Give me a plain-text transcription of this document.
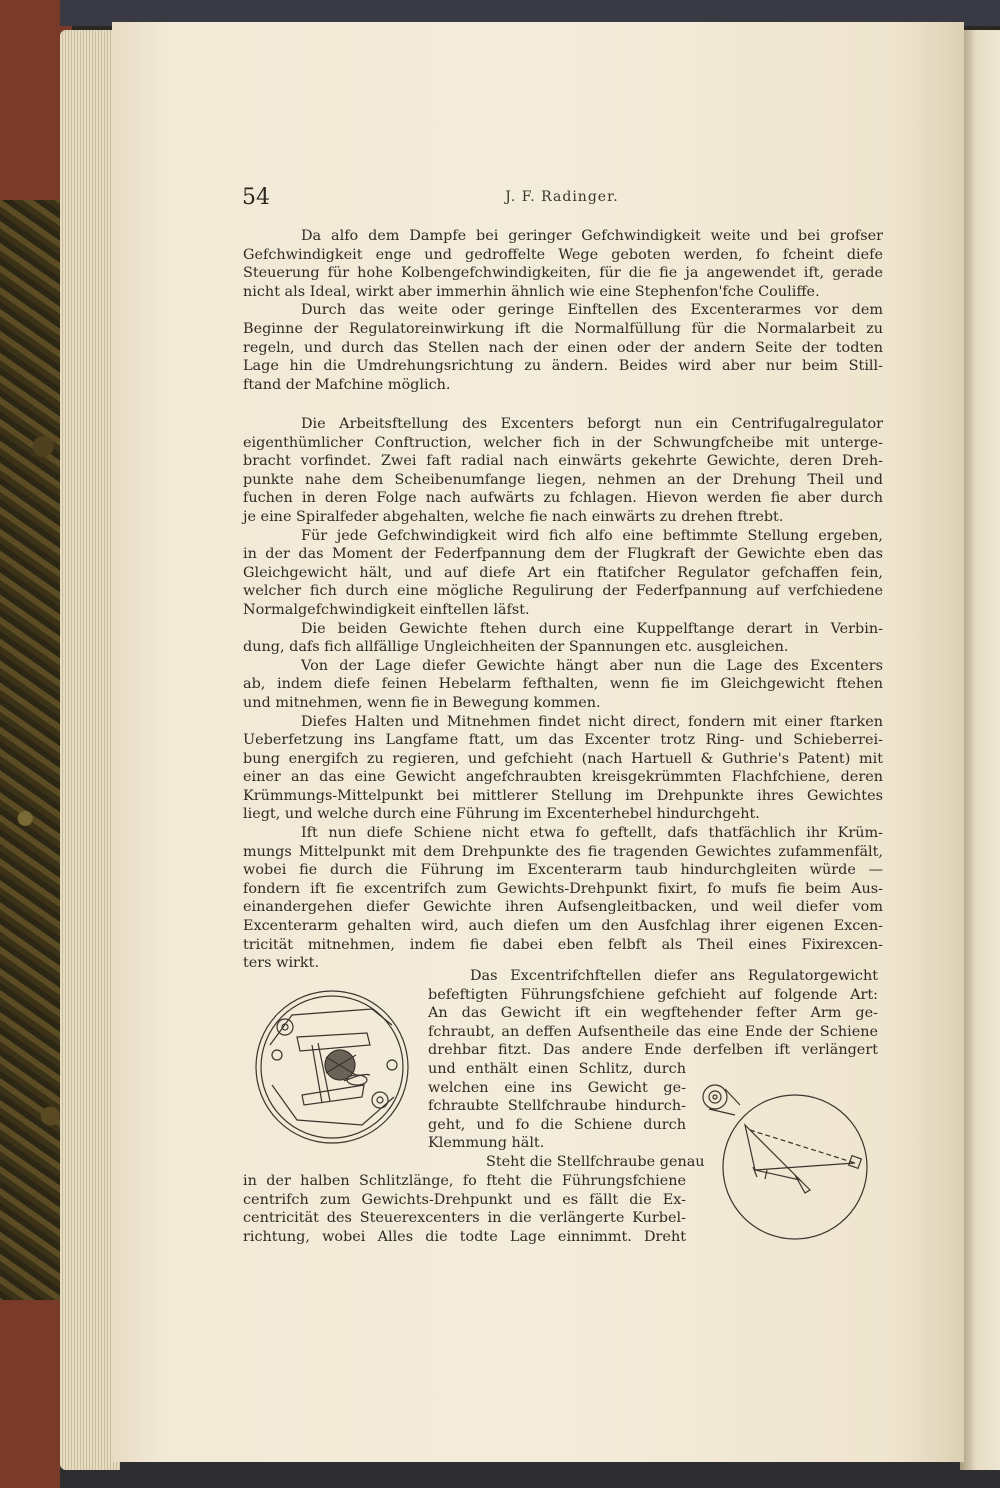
54	J. F. Radinger.
Da alfo dem Dampfe bei geringer Gefchwindigkeit weite und bei grofser
Gefchwindigkeit enge und gedroffelte Wege geboten werden, fo fcheint diefe
Steuerung für hohe Kolbengefchwindigkeiten, für die fie ja angewendet ift, gerade
nicht als Ideal, wirkt aber immerhin ähnlich wie eine Stephenfon'fche Couliffe.
Durch das weite oder geringe Einftellen des Excenterarmes vor dem
Beginne der Regulatoreinwirkung ift die Normalfüllung für die Normalarbeit zu
regeln, und durch das Stellen nach der einen oder der andern Seite der todten
Lage hin die Umdrehungsrichtung zu ändern. Beides wird aber nur beim Still-
ftand der Mafchine möglich.
Die Arbeitsftellung des Excenters beforgt nun ein Centrifugalregulator
eigenthümlicher Conftruction, welcher fich in der Schwungfcheibe mit unterge-
bracht vorfindet. Zwei faft radial nach einwärts gekehrte Gewichte, deren Dreh-
punkte nahe dem Scheibenumfange liegen, nehmen an der Drehung Theil und
fuchen in deren Folge nach aufwärts zu fchlagen. Hievon werden fie aber durch
je eine Spiralfeder abgehalten, welche fie nach einwärts zu drehen ftrebt.
Für jede Gefchwindigkeit wird fich alfo eine beftimmte Stellung ergeben,
in der das Moment der Federfpannung dem der Flugkraft der Gewichte eben das
Gleichgewicht hält, und auf diefe Art ein ftatifcher Regulator gefchaffen fein,
welcher fich durch eine mögliche Regulirung der Federfpannung auf verfchiedene
Normalgefchwindigkeit einftellen läfst.
Die beiden Gewichte ftehen durch eine Kuppelftange derart in Verbin-
dung, dafs fich allfällige Ungleichheiten der Spannungen etc. ausgleichen.
Von der Lage diefer Gewichte hängt aber nun die Lage des Excenters
ab, indem diefe feinen Hebelarm fefthalten, wenn fie im Gleichgewicht ftehen
und mitnehmen, wenn fie in Bewegung kommen.
Diefes Halten und Mitnehmen findet nicht direct, fondern mit einer ftarken
Ueberfetzung ins Langfame ftatt, um das Excenter trotz Ring- und Schieberrei-
bung energifch zu regieren, und gefchieht (nach Hartuell & Guthrie's Patent) mit
einer an das eine Gewicht angefchraubten kreisgekrümmten Flachfchiene, deren
Krümmungs-Mittelpunkt bei mittlerer Stellung im Drehpunkte ihres Gewichtes
liegt, und welche durch eine Führung im Excenterhebel hindurchgeht.
Ift nun diefe Schiene nicht etwa fo geftellt, dafs thatfächlich ihr Krüm-
mungs Mittelpunkt mit dem Drehpunkte des fie tragenden Gewichtes zufammenfält,
wobei fie durch die Führung im Excenterarm taub hindurchgleiten würde —
fondern ift fie excentrifch zum Gewichts-Drehpunkt fixirt, fo mufs fie beim Aus-
einandergehen diefer Gewichte ihren Aufsengleitbacken, und weil diefer vom
Excenterarm gehalten wird, auch diefen um den Ausfchlag ihrer eigenen Excen-
tricität mitnehmen, indem fie dabei eben felbft als Theil eines Fixirexcen-
ters wirkt.
Das Excentrifchftellen diefer ans Regulatorgewicht
befeftigten Führungsfchiene gefchieht auf folgende Art:
An das Gewicht ift ein wegftehender fefter Arm ge-
fchraubt, an deffen Aufsentheile das eine Ende der Schiene
drehbar fitzt. Das andere Ende derfelben ift verlängert
und enthält einen Schlitz, durch
welchen eine ins Gewicht ge-
fchraubte Stellfchraube hindurch-
geht, und fo die Schiene durch
Klemmung hält.
Steht die Stellfchraube genau
in der halben Schlitzlänge, fo fteht die Führungsfchiene
centrifch zum Gewichts-Drehpunkt und es fällt die Ex-
centricität des Steuerexcenters in die verlängerte Kurbel-
richtung, wobei Alles die todte Lage einnimmt. Dreht
